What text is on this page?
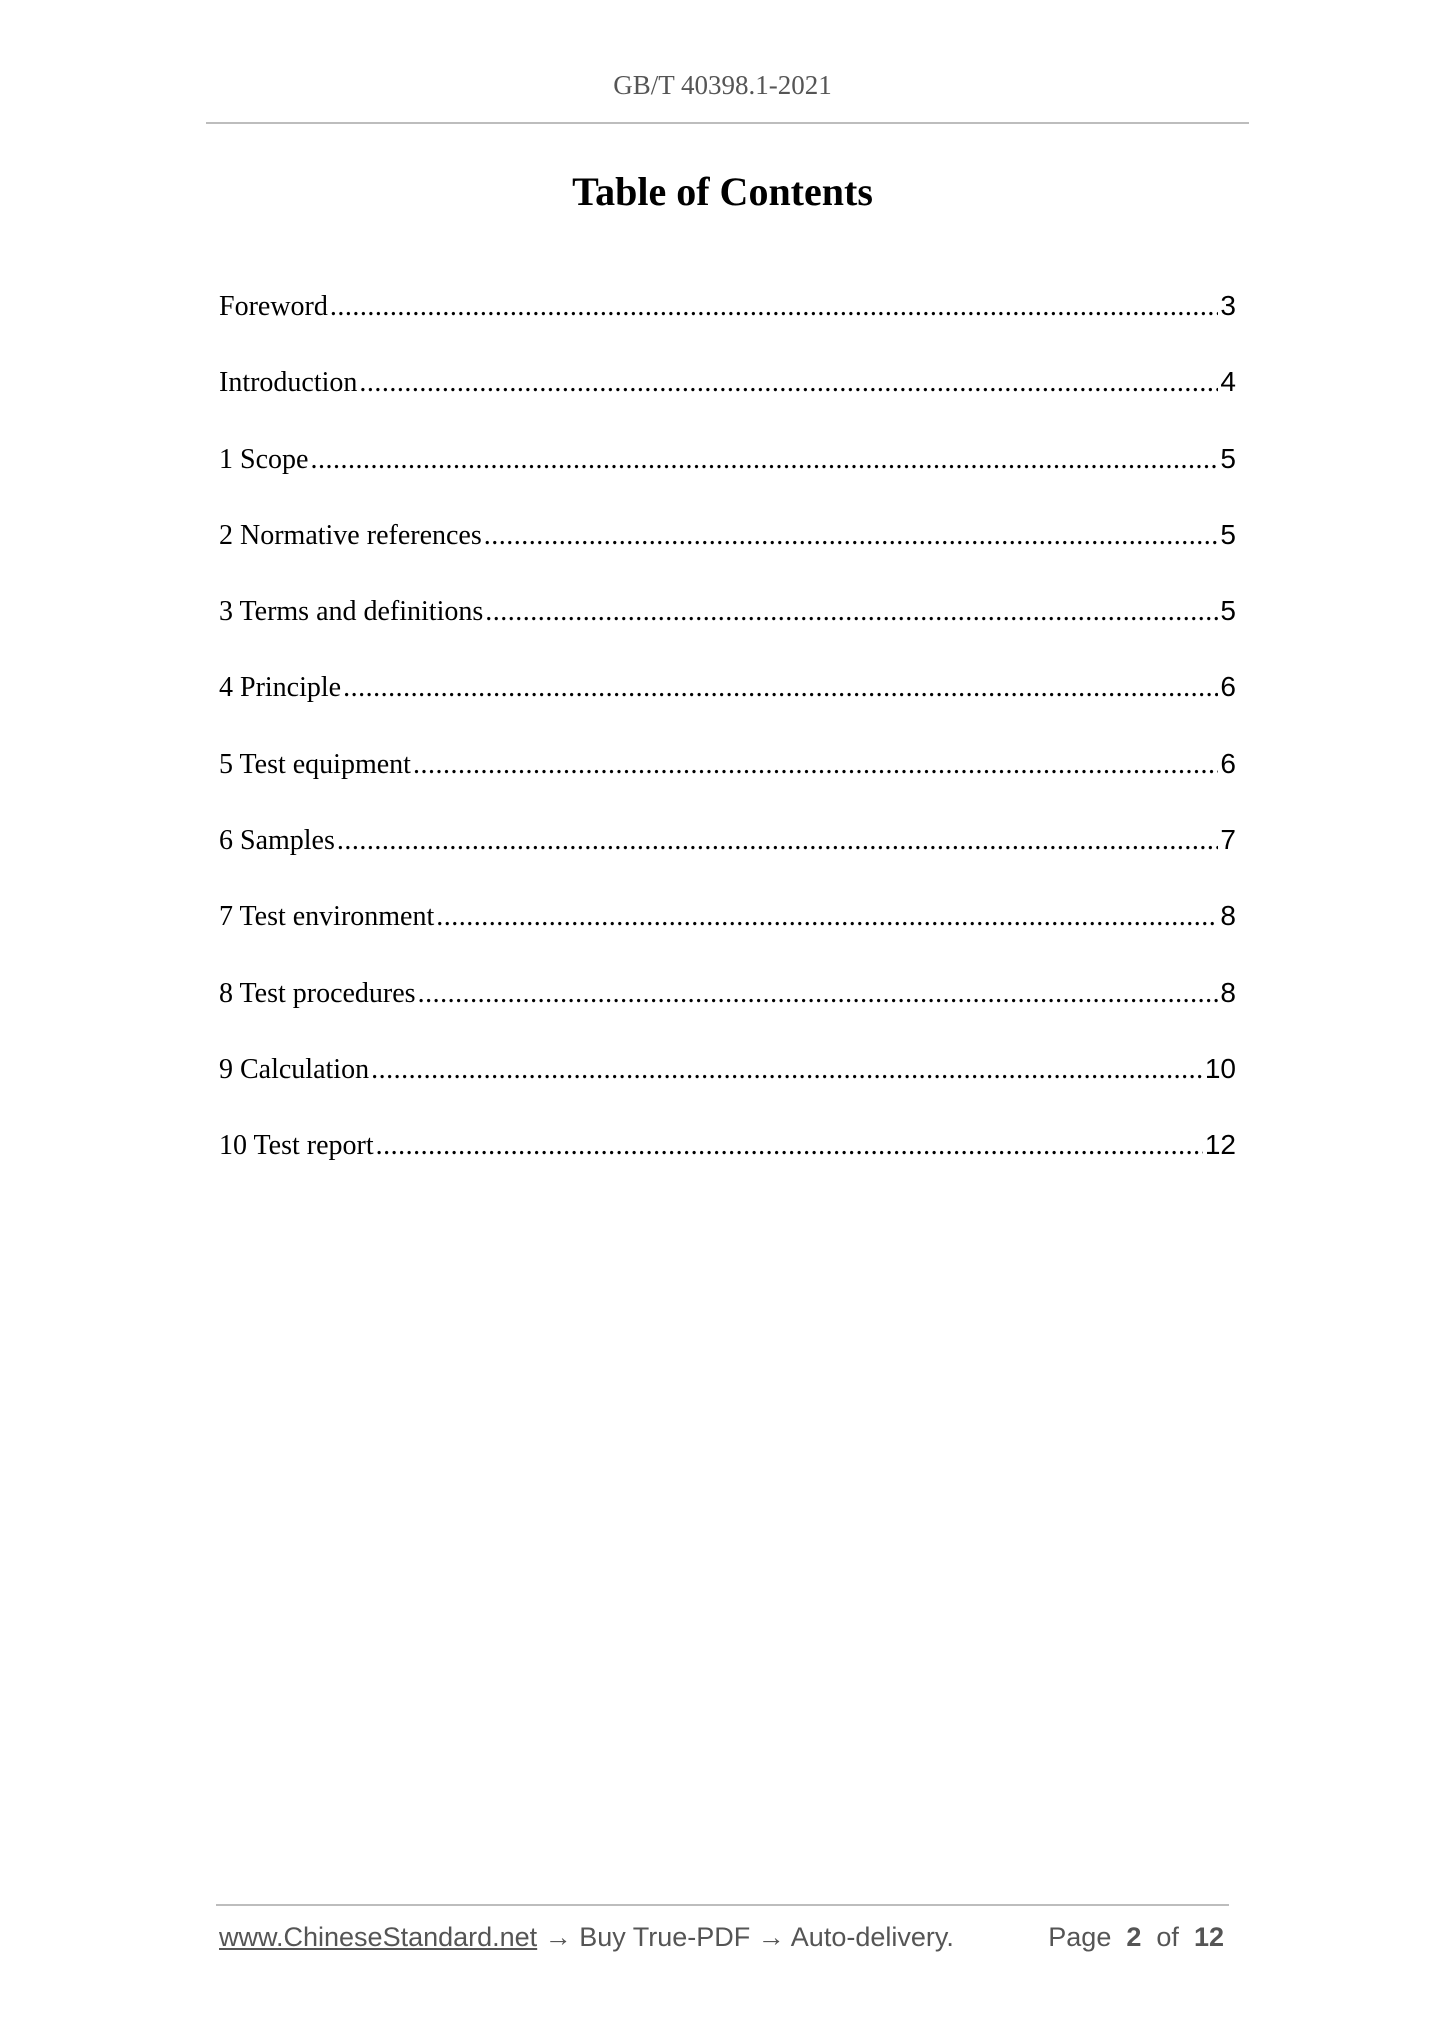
GB/T 40398.1-2021
Table of Contents
Foreword .....	3
Introduction .....	4
1 Scope .....	5
2 Normative references .....	5
3 Terms and definitions .....	5
4 Principle .....	6
5 Test equipment .....	6
6 Samples .....	7
7 Test environment .....	8
8 Test procedures .....	8
9 Calculation .....	10
10 Test report .....	12
www.ChineseStandard.net → Buy True-PDF → Auto-delivery.	Page 2 of 12
